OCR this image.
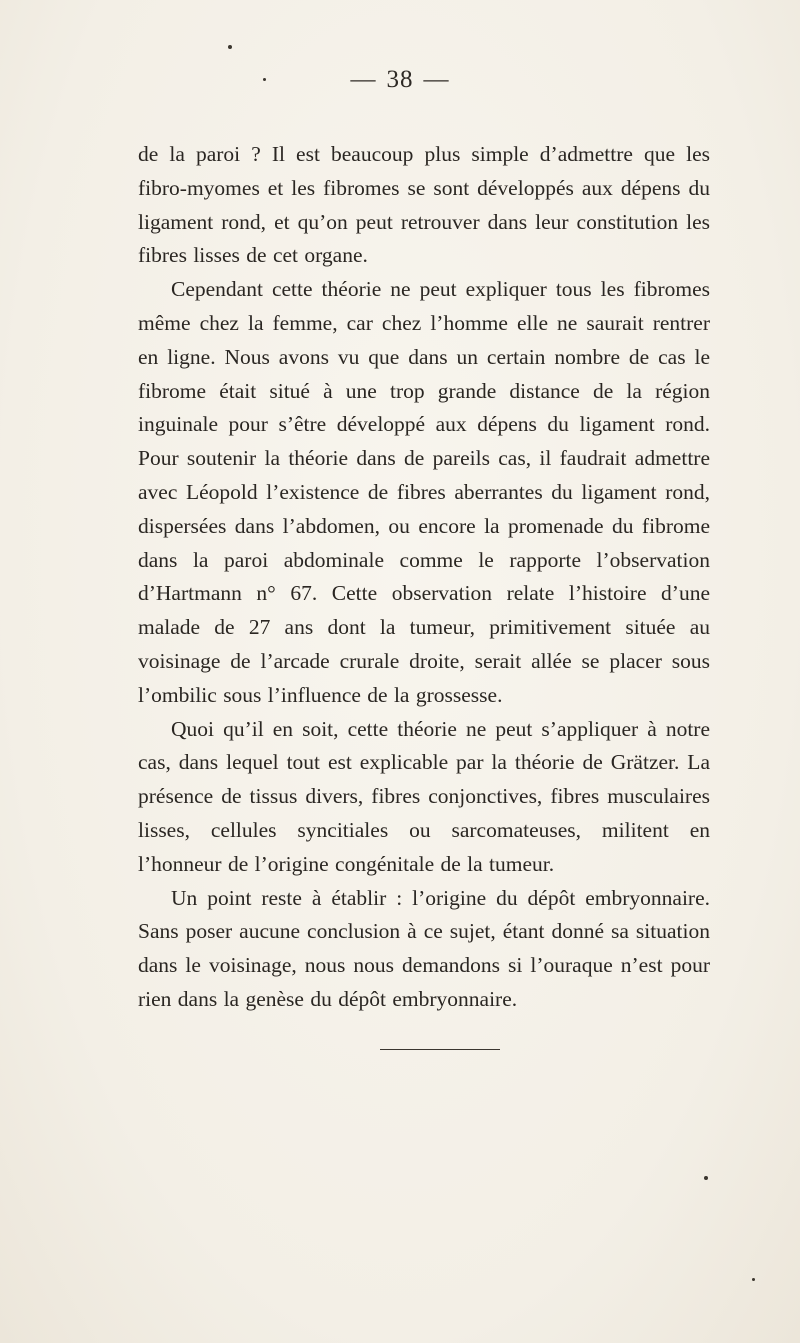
— 38 —

de la paroi ? Il est beaucoup plus simple d’admettre que les fibro-myomes et les fibromes se sont développés aux dépens du ligament rond, et qu’on peut retrouver dans leur constitution les fibres lisses de cet organe.

Cependant cette théorie ne peut expliquer tous les fibromes même chez la femme, car chez l’homme elle ne saurait rentrer en ligne. Nous avons vu que dans un certain nombre de cas le fibrome était situé à une trop grande distance de la région inguinale pour s’être développé aux dépens du ligament rond. Pour soutenir la théorie dans de pareils cas, il faudrait admettre avec Léopold l’existence de fibres aberrantes du ligament rond, dispersées dans l’abdomen, ou encore la promenade du fibrome dans la paroi abdominale comme le rapporte l’observation d’Hartmann n° 67. Cette observation relate l’histoire d’une malade de 27 ans dont la tumeur, primitivement située au voisinage de l’arcade crurale droite, serait allée se placer sous l’ombilic sous l’influence de la grossesse.

Quoi qu’il en soit, cette théorie ne peut s’appliquer à notre cas, dans lequel tout est explicable par la théorie de Grätzer. La présence de tissus divers, fibres conjonctives, fibres musculaires lisses, cellules syncitiales ou sarcomateuses, militent en l’honneur de l’origine congénitale de la tumeur.

Un point reste à établir : l’origine du dépôt embryonnaire. Sans poser aucune conclusion à ce sujet, étant donné sa situation dans le voisinage, nous nous demandons si l’ouraque n’est pour rien dans la genèse du dépôt embryonnaire.
